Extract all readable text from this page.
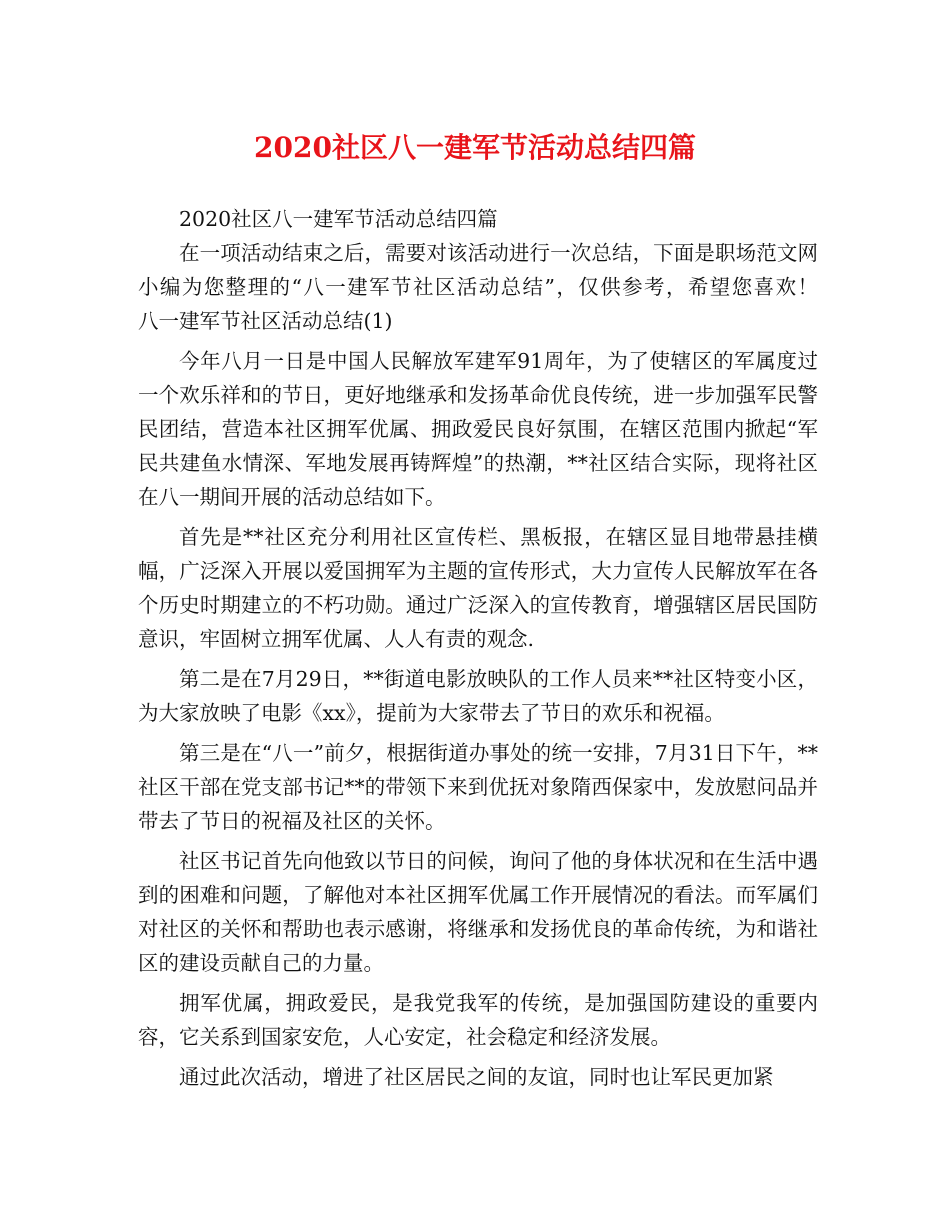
2020社区八一建军节活动总结四篇

2020社区八一建军节活动总结四篇

在一项活动结束之后，需要对该活动进行一次总结，下面是职场范文网小编为您整理的“八一建军节社区活动总结”，仅供参考，希望您喜欢！　　八一建军节社区活动总结(1)

今年八月一日是中国人民解放军建军91周年，为了使辖区的军属度过一个欢乐祥和的节日，更好地继承和发扬革命优良传统，进一步加强军民警民团结，营造本社区拥军优属、拥政爱民良好氛围，在辖区范围内掀起“军民共建鱼水情深、军地发展再铸辉煌”的热潮，**社区结合实际，现将社区在八一期间开展的活动总结如下。

首先是**社区充分利用社区宣传栏、黑板报，在辖区显目地带悬挂横幅，广泛深入开展以爱国拥军为主题的宣传形式，大力宣传人民解放军在各个历史时期建立的不朽功勋。通过广泛深入的宣传教育，增强辖区居民国防意识，牢固树立拥军优属、人人有责的观念.

第二是在7月29日，**街道电影放映队的工作人员来**社区特变小区，为大家放映了电影《xx》，提前为大家带去了节日的欢乐和祝福。

第三是在“八一”前夕，根据街道办事处的统一安排，7月31日下午，**社区干部在党支部书记**的带领下来到优抚对象隋西保家中，发放慰问品并带去了节日的祝福及社区的关怀。

社区书记首先向他致以节日的问候，询问了他的身体状况和在生活中遇到的困难和问题，了解他对本社区拥军优属工作开展情况的看法。而军属们对社区的关怀和帮助也表示感谢，将继承和发扬优良的革命传统，为和谐社区的建设贡献自己的力量。

拥军优属，拥政爱民，是我党我军的传统，是加强国防建设的重要内容，它关系到国家安危，人心安定，社会稳定和经济发展。

通过此次活动，增进了社区居民之间的友谊，同时也让军民更加紧
